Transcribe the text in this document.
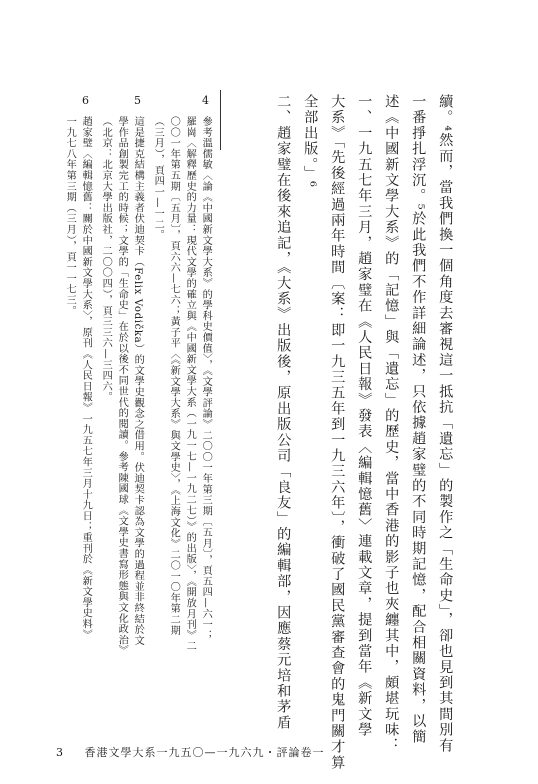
續。⁴然而，當我們換一個角度去審視這一抵抗「遺忘」的製作之「生命史」，卻也見到其間別有
一番掙扎浮沉。⁵於此我們不作詳細論述，只依據趙家璧的不同時期記憶，配合相關資料，以簡
述《中國新文學大系》的「記憶」與「遺忘」的歷史，當中香港的影子也夾纏其中，頗堪玩味：
一、一九五七年三月，趙家璧在《人民日報》發表〈編輯憶舊〉連載文章，提到當年《新文學
大系》「先後經過兩年時間〔案：即一九三五年到一九三六年〕，衝破了國民黨審查會的鬼門關才算
全部出版。」⁶
二、趙家璧在後來追記，《大系》出版後，原出版公司「良友」的編輯部，因應蔡元培和茅盾
4
參考溫儒敏〈論《中國新文學大系》的學科史價值〉，《文學評論》二〇〇一年第三期〔五月〕，頁五四—六一；
羅崗〈解釋歷史的力量：現代文學的確立與《中國新文學大系（一九一七—一九二七）》的出版〉，《開放月刊》二
〇〇一年第五期〔五月〕，頁六六—七六；黃子平〈《新文學大系》與文學史〉，《上海文化》二〇一〇年第二期
（三月），頁四一—一二。
5
這是捷克結構主義者伏迪契卡（Felix Vodička）的文學史觀念之借用。伏迪契卡認為文學的過程並非終結於文
學作品創製完工的時候；文學的「生命史」在於以後不同世代的閱讀。參考陳國球《文學史書寫形態與文化政治》
（北京：北京大學出版社，二〇〇四），頁三三六—三四六。
6
趙家璧〈編輯憶舊：關於中國新文學大系〉，原刊《人民日報》一九五七年三月十九日；重刊於《新文學史料》
一九七八年第三期（三月），頁一一七三。
3 香港文學大系一九五〇—一九六九・評論卷一
